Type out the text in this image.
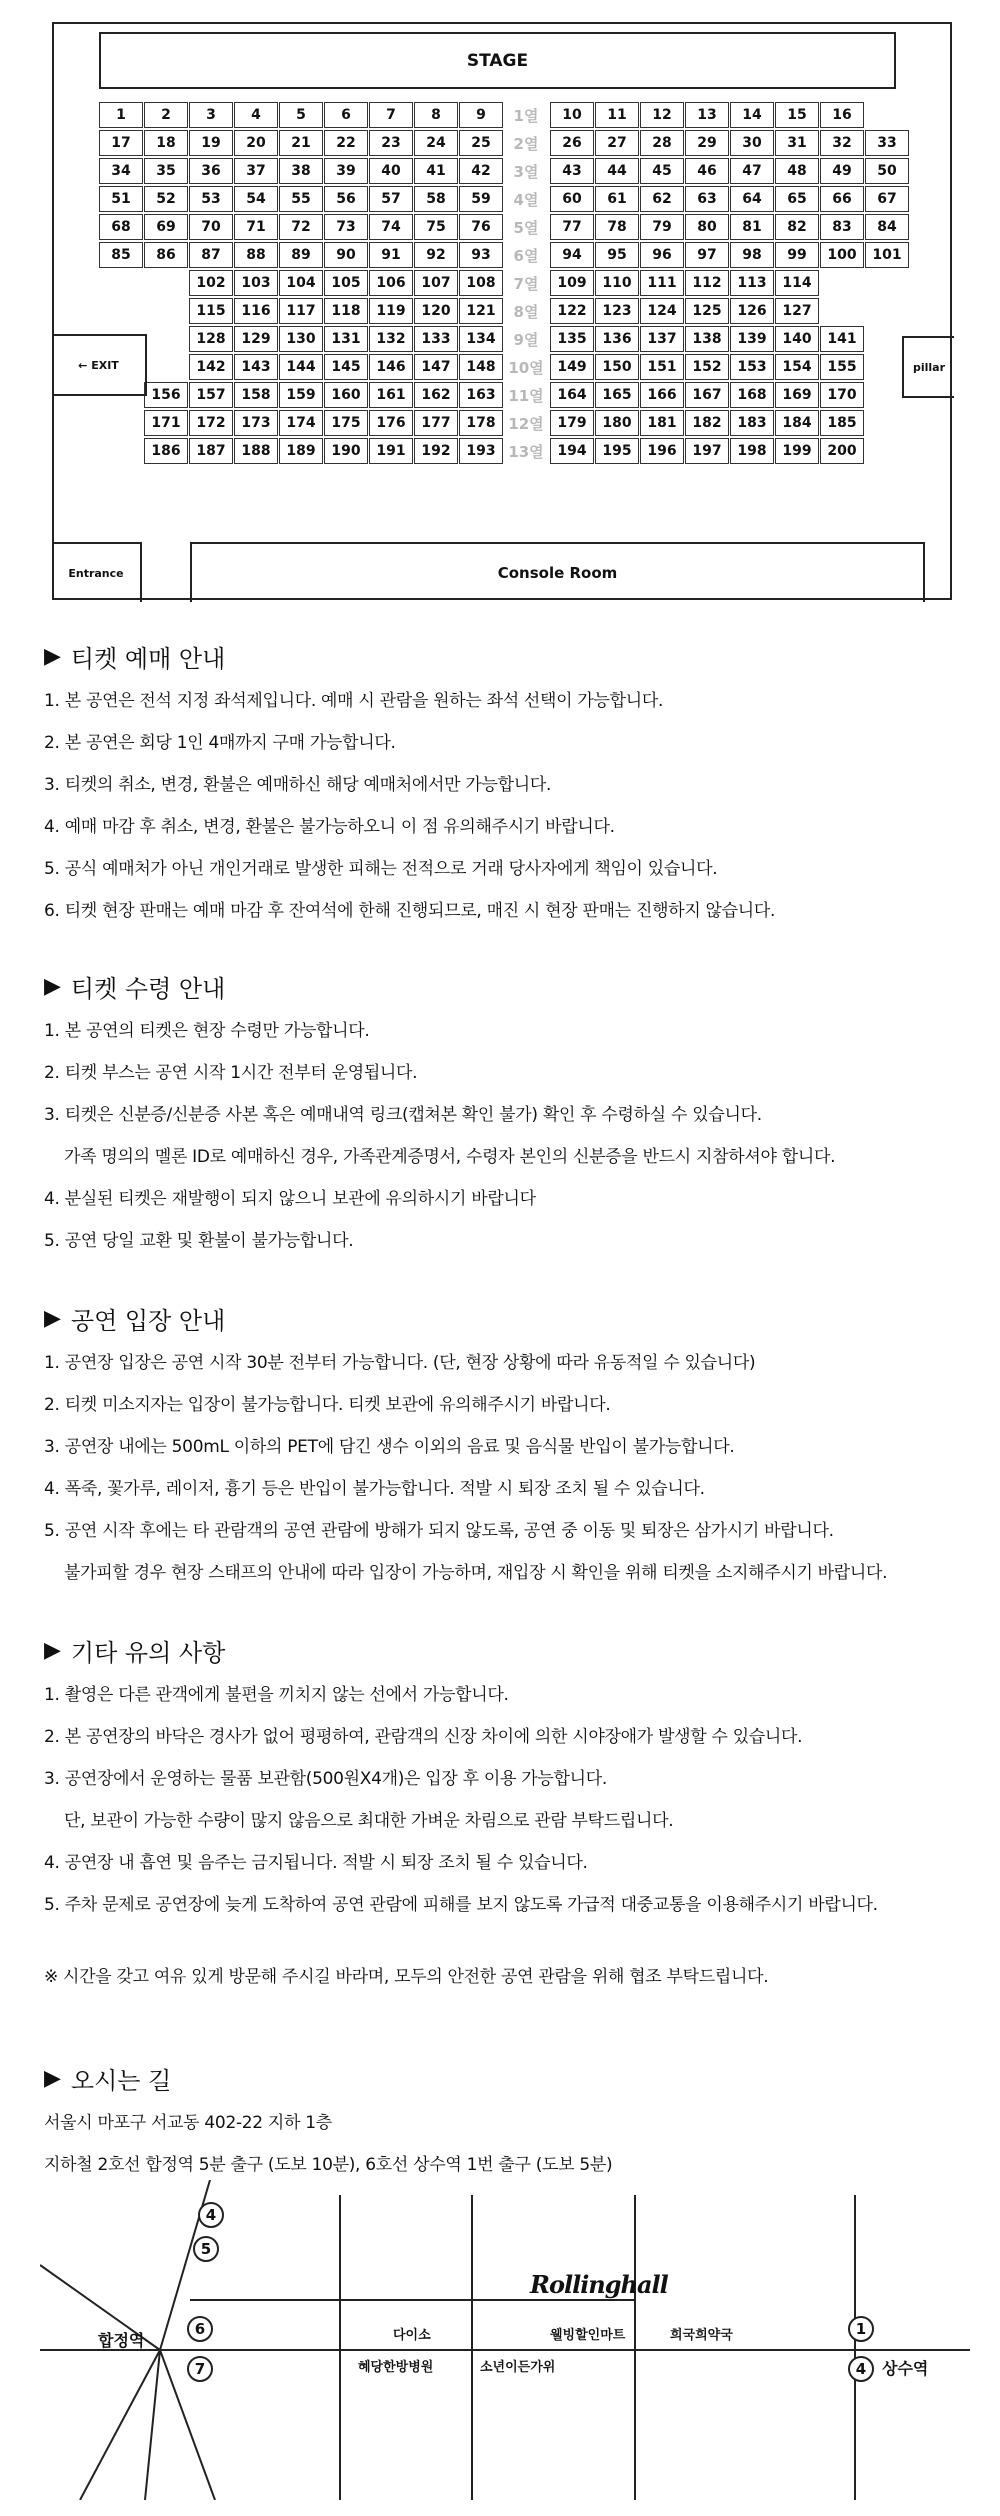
STAGE
1	2	3	4	5	6	7	8	9	1열	10	11	12	13	14	15	16
17	18	19	20	21	22	23	24	25	2열	26	27	28	29	30	31	32	33
34	35	36	37	38	39	40	41	42	3열	43	44	45	46	47	48	49	50
51	52	53	54	55	56	57	58	59	4열	60	61	62	63	64	65	66	67
68	69	70	71	72	73	74	75	76	5열	77	78	79	80	81	82	83	84
85	86	87	88	89	90	91	92	93	6열	94	95	96	97	98	99	100	101
102	103	104	105	106	107	108	7열	109	110	111	112	113	114
115	116	117	118	119	120	121	8열	122	123	124	125	126	127
128	129	130	131	132	133	134	9열	135	136	137	138	139	140	141
142	143	144	145	146	147	148 10열 149	150	151	152	153	154	155
156	157	158	159	160	161	162	163 11열 164	165	166	167	168	169	170
171	172	173	174	175	176	177	178 12열 179	180	181	182	183	184	185
186	187	188	189	190	191	192	193 13열 194	195	196	197	198	199	200
← EXIT	pillar
Entrance	Console Room
▶ 티켓 예매 안내
1. 본 공연은 전석 지정 좌석제입니다. 예매 시 관람을 원하는 좌석 선택이 가능합니다.
2. 본 공연은 회당 1인 4매까지 구매 가능합니다.
3. 티켓의 취소, 변경, 환불은 예매하신 해당 예매처에서만 가능합니다.
4. 예매 마감 후 취소, 변경, 환불은 불가능하오니 이 점 유의해주시기 바랍니다.
5. 공식 예매처가 아닌 개인거래로 발생한 피해는 전적으로 거래 당사자에게 책임이 있습니다.
6. 티켓 현장 판매는 예매 마감 후 잔여석에 한해 진행되므로, 매진 시 현장 판매는 진행하지 않습니다.
▶ 티켓 수령 안내
1. 본 공연의 티켓은 현장 수령만 가능합니다.
2. 티켓 부스는 공연 시작 1시간 전부터 운영됩니다.
3. 티켓은 신분증/신분증 사본 혹은 예매내역 링크(캡쳐본 확인 불가) 확인 후 수령하실 수 있습니다.
가족 명의의 멜론 ID로 예매하신 경우, 가족관계증명서, 수령자 본인의 신분증을 반드시 지참하셔야 합니다.
4. 분실된 티켓은 재발행이 되지 않으니 보관에 유의하시기 바랍니다
5. 공연 당일 교환 및 환불이 불가능합니다.
▶ 공연 입장 안내
1. 공연장 입장은 공연 시작 30분 전부터 가능합니다. (단, 현장 상황에 따라 유동적일 수 있습니다)
2. 티켓 미소지자는 입장이 불가능합니다. 티켓 보관에 유의해주시기 바랍니다.
3. 공연장 내에는 500mL 이하의 PET에 담긴 생수 이외의 음료 및 음식물 반입이 불가능합니다.
4. 폭죽, 꽃가루, 레이저, 흉기 등은 반입이 불가능합니다. 적발 시 퇴장 조치 될 수 있습니다.
5. 공연 시작 후에는 타 관람객의 공연 관람에 방해가 되지 않도록, 공연 중 이동 및 퇴장은 삼가시기 바랍니다.
불가피할 경우 현장 스태프의 안내에 따라 입장이 가능하며, 재입장 시 확인을 위해 티켓을 소지해주시기 바랍니다.
▶ 기타 유의 사항
1. 촬영은 다른 관객에게 불편을 끼치지 않는 선에서 가능합니다.
2. 본 공연장의 바닥은 경사가 없어 평평하여, 관람객의 신장 차이에 의한 시야장애가 발생할 수 있습니다.
3. 공연장에서 운영하는 물품 보관함(500원X4개)은 입장 후 이용 가능합니다.
단, 보관이 가능한 수량이 많지 않음으로 최대한 가벼운 차림으로 관람 부탁드립니다.
4. 공연장 내 흡연 및 음주는 금지됩니다. 적발 시 퇴장 조치 될 수 있습니다.
5. 주차 문제로 공연장에 늦게 도착하여 공연 관람에 피해를 보지 않도록 가급적 대중교통을 이용해주시기 바랍니다.
※ 시간을 갖고 여유 있게 방문해 주시길 바라며, 모두의 안전한 공연 관람을 위해 협조 부탁드립니다.
▶ 오시는 길
서울시 마포구 서교동 402-22 지하 1층
지하철 2호선 합정역 5분 출구 (도보 10분), 6호선 상수역 1번 출구 (도보 5분)
Rollinghall
합정역
상수역
다이소
혜당한방병원	소년이든가위
웰빙할인마트	희국희약국
4
5
6
7
1
4
